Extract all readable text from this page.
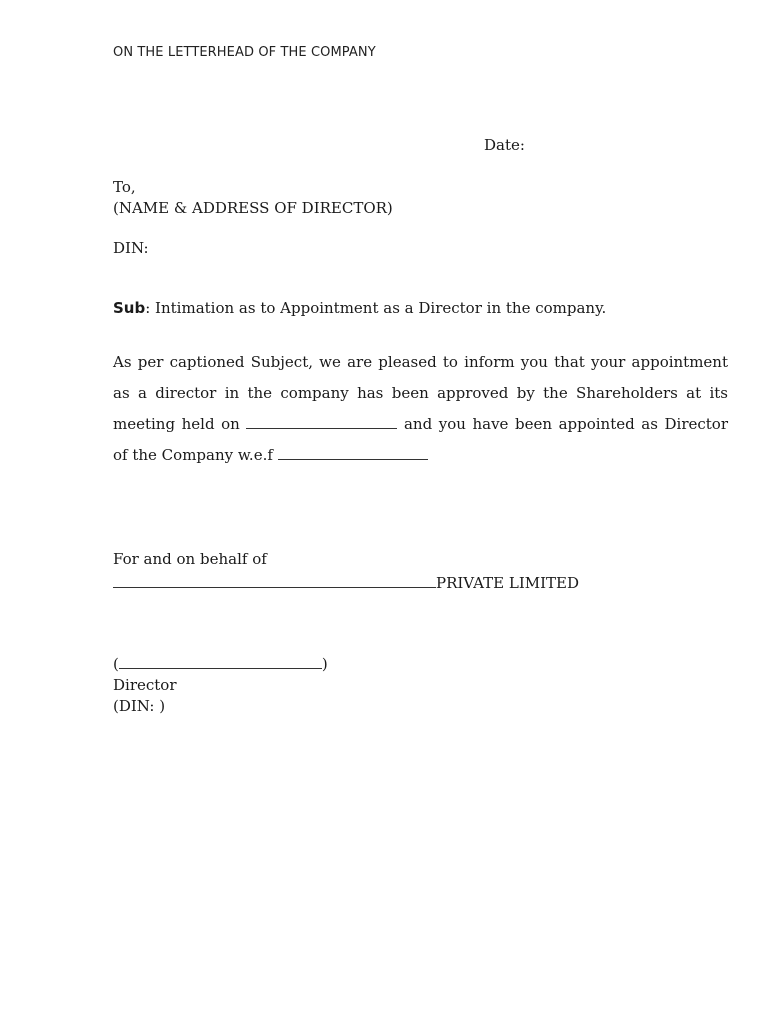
ON THE LETTERHEAD OF THE COMPANY
Date:
To,
(NAME & ADDRESS OF DIRECTOR)
DIN:
Sub: Intimation as to Appointment as a Director in the company.
As per captioned Subject, we are pleased to inform you that your appointment as a director in the company has been approved by the Shareholders at its meeting held on	and you have been appointed as Director of the Company w.e.f
For and on behalf of
PRIVATE LIMITED
(	)
Director
(DIN: )
